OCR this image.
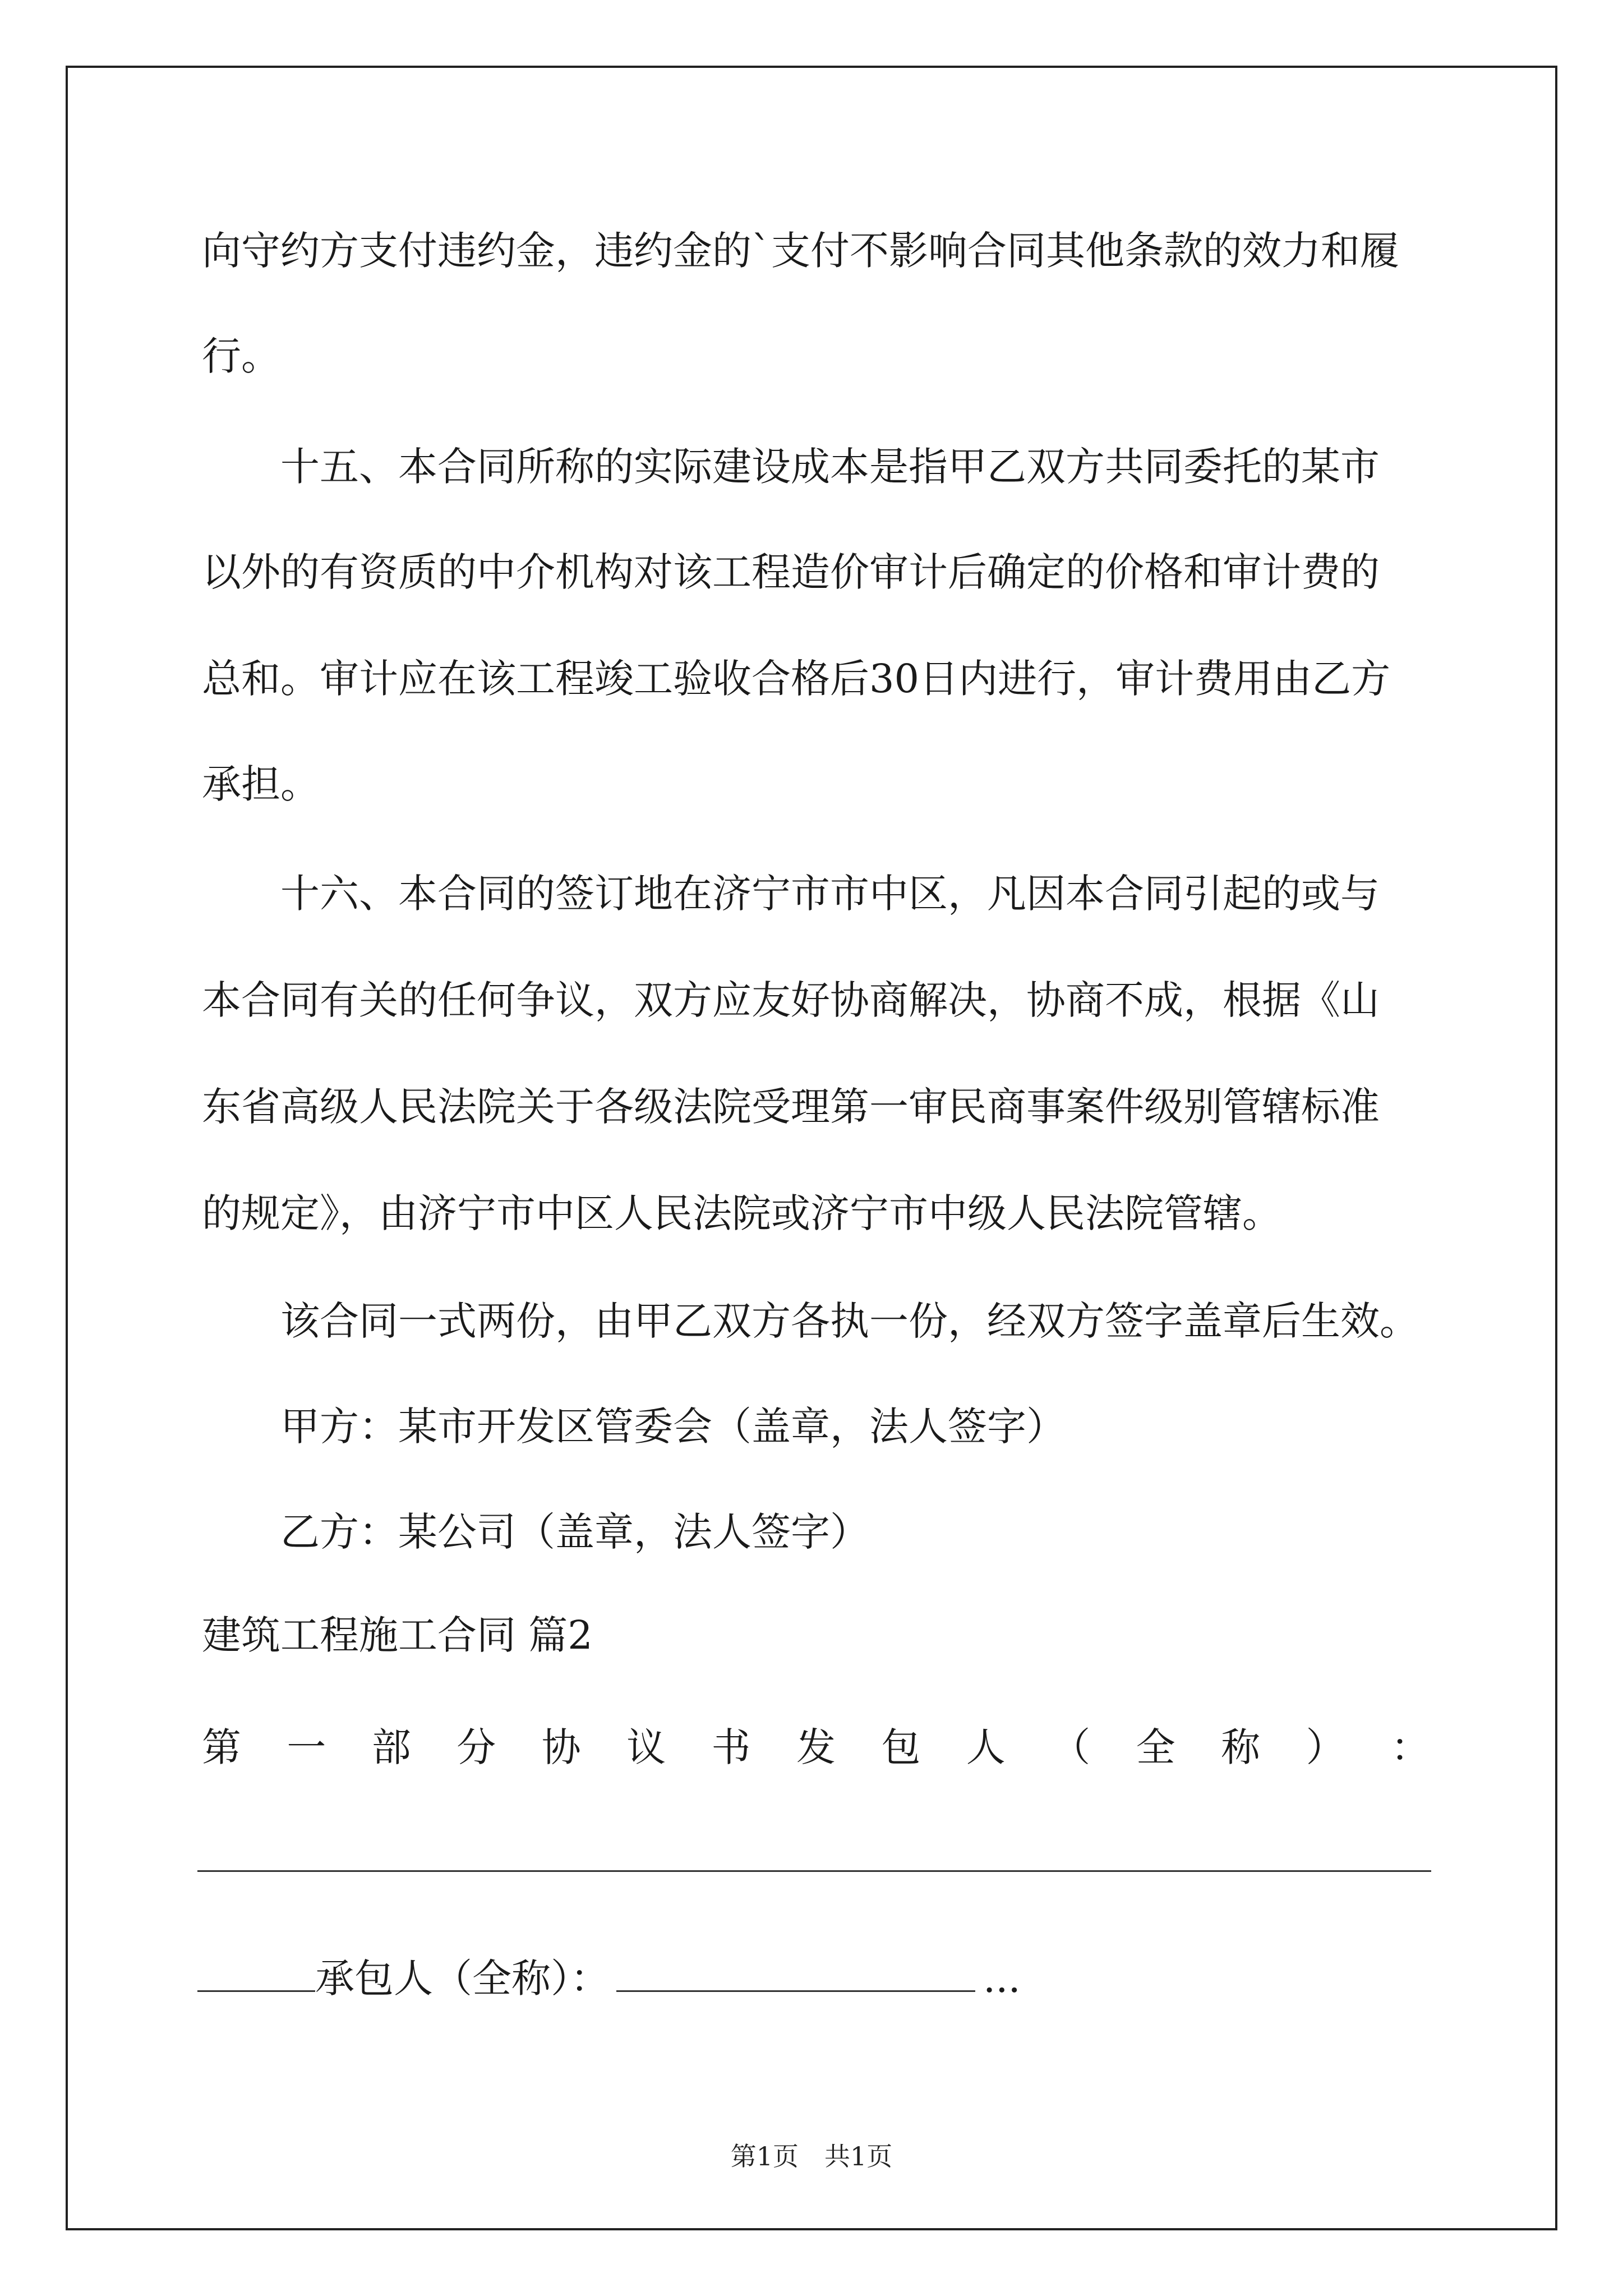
向守约方支付违约金，违约金的`支付不影响合同其他条款的效力和履
行。
十五、本合同所称的实际建设成本是指甲乙双方共同委托的某市
以外的有资质的中介机构对该工程造价审计后确定的价格和审计费的
总和。审计应在该工程竣工验收合格后30日内进行，审计费用由乙方
承担。
十六、本合同的签订地在济宁市市中区，凡因本合同引起的或与
本合同有关的任何争议，双方应友好协商解决，协商不成，根据《山
东省高级人民法院关于各级法院受理第一审民商事案件级别管辖标准
的规定》，由济宁市中区人民法院或济宁市中级人民法院管辖。
该合同一式两份，由甲乙双方各执一份，经双方签字盖章后生效。
甲方：某市开发区管委会（盖章，法人签字）
乙方：某公司（盖章，法人签字）
建筑工程施工合同 篇2
第 一 部 分 协 议 书 发 包 人 （ 全 称 ） ：
承包人（全称）：	...
第1页　共1页
